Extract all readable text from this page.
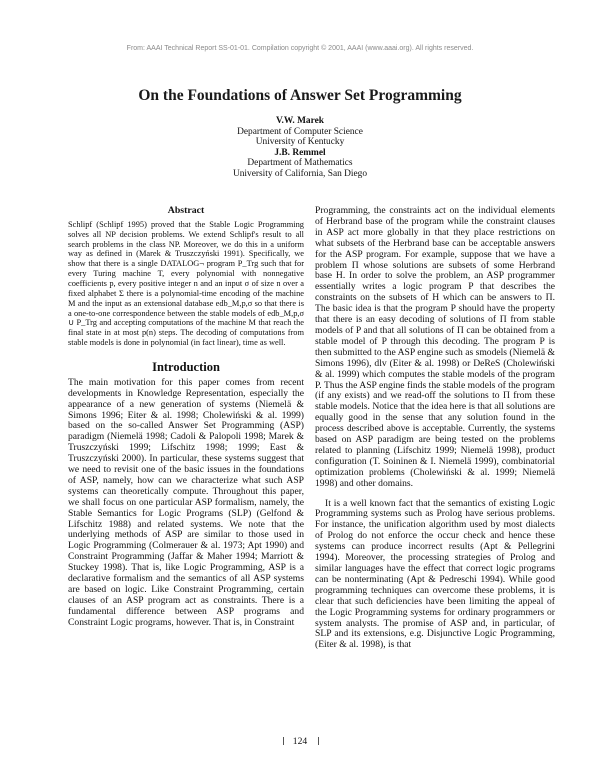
From: AAAI Technical Report SS-01-01. Compilation copyright © 2001, AAAI (www.aaai.org). All rights reserved.
On the Foundations of Answer Set Programming
V.W. Marek
Department of Computer Science
University of Kentucky
J.B. Remmel
Department of Mathematics
University of California, San Diego
Abstract

Schlipf (Schlipf 1995) proved that the Stable Logic Programming solves all NP decision problems. We extend Schlipf's result to all search problems in the class NP. Moreover, we do this in a uniform way as defined in (Marek & Truszczyński 1991). Specifically, we show that there is a single DATALOG¬ program P_Trg such that for every Turing machine T, every polynomial with nonnegative coefficients p, every positive integer n and an input σ of size n over a fixed alphabet Σ there is a polynomial-time encoding of the machine M and the input as an extensional database edb_M,p,σ so that there is a one-to-one correspondence between the stable models of edb_M,p,σ ∪ P_Trg and accepting computations of the machine M that reach the final state in at most p(n) steps. The decoding of computations from stable models is done in polynomial (in fact linear), time as well.

Introduction

The main motivation for this paper comes from recent developments in Knowledge Representation, especially the appearance of a new generation of systems (Niemelä & Simons 1996; Eiter & al. 1998; Cholewiński & al. 1999) based on the so-called Answer Set Programming (ASP) paradigm (Niemelä 1998; Cadoli & Palopoli 1998; Marek & Truszczyński 1999; Lifschitz 1998; 1999; East & Truszczyński 2000). In particular, these systems suggest that we need to revisit one of the basic issues in the foundations of ASP, namely, how can we characterize what such ASP systems can theoretically compute. Throughout this paper, we shall focus on one particular ASP formalism, namely, the Stable Semantics for Logic Programs (SLP) (Gelfond & Lifschitz 1988) and related systems. We note that the underlying methods of ASP are similar to those used in Logic Programming (Colmerauer & al. 1973; Apt 1990) and Constraint Programming (Jaffar & Maher 1994; Marriott & Stuckey 1998). That is, like Logic Programming, ASP is a declarative formalism and the semantics of all ASP systems are based on logic. Like Constraint Programming, certain clauses of an ASP program act as constraints. There is a fundamental difference between ASP programs and Constraint Logic programs, however. That is, in Constraint

Programming, the constraints act on the individual elements of Herbrand base of the program while the constraint clauses in ASP act more globally in that they place restrictions on what subsets of the Herbrand base can be acceptable answers for the ASP program. For example, suppose that we have a problem Π whose solutions are subsets of some Herbrand base H. In order to solve the problem, an ASP programmer essentially writes a logic program P that describes the constraints on the subsets of H which can be answers to Π. The basic idea is that the program P should have the property that there is an easy decoding of solutions of Π from stable models of P and that all solutions of Π can be obtained from a stable model of P through this decoding. The program P is then submitted to the ASP engine such as smodels (Niemelä & Simons 1996), dlv (Eiter & al. 1998) or DeReS (Cholewiński & al. 1999) which computes the stable models of the program P. Thus the ASP engine finds the stable models of the program (if any exists) and we read-off the solutions to Π from these stable models. Notice that the idea here is that all solutions are equally good in the sense that any solution found in the process described above is acceptable. Currently, the systems based on ASP paradigm are being tested on the problems related to planning (Lifschitz 1999; Niemelä 1998), product configuration (T. Soininen & I. Niemelä 1999), combinatorial optimization problems (Cholewiński & al. 1999; Niemelä 1998) and other domains.

It is a well known fact that the semantics of existing Logic Programming systems such as Prolog have serious problems. For instance, the unification algorithm used by most dialects of Prolog do not enforce the occur check and hence these systems can produce incorrect results (Apt & Pellegrini 1994). Moreover, the processing strategies of Prolog and similar languages have the effect that correct logic programs can be nonterminating (Apt & Pedreschi 1994). While good programming techniques can overcome these problems, it is clear that such deficiencies have been limiting the appeal of the Logic Programming systems for ordinary programmers or system analysts. The promise of ASP and, in particular, of SLP and its extensions, e.g. Disjunctive Logic Programming, (Eiter & al. 1998), is that

124
